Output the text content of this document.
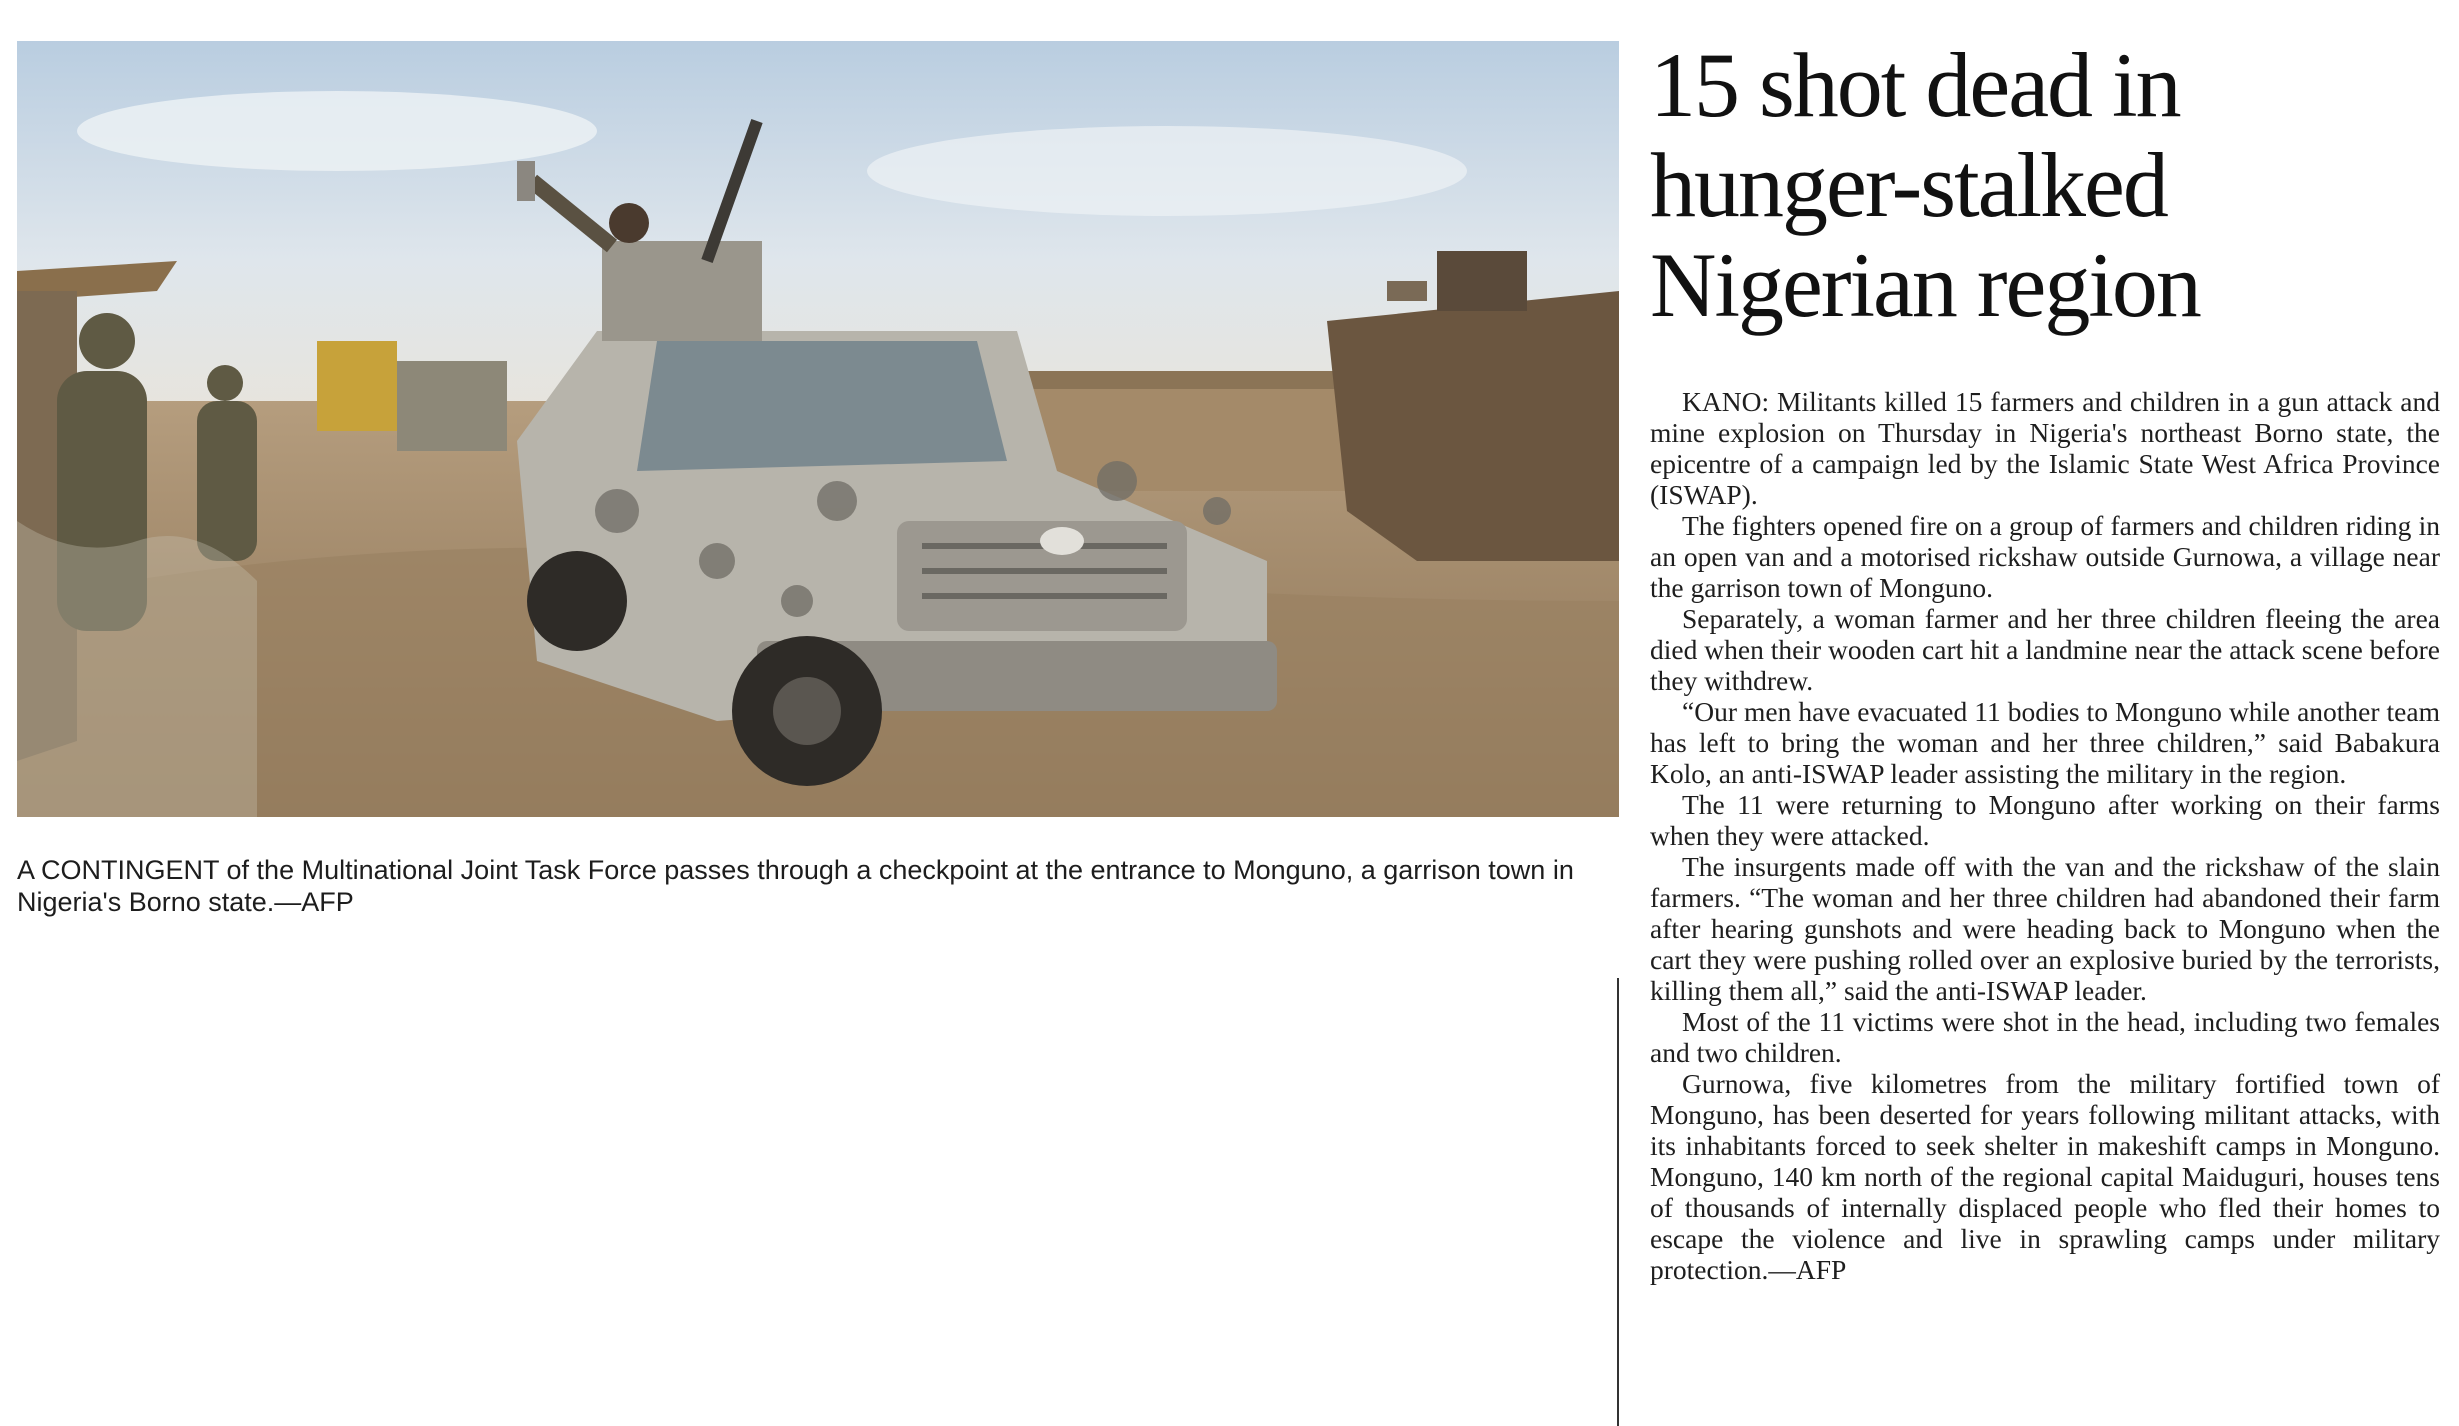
A CONTINGENT of the Multinational Joint Task Force passes through a checkpoint at the entrance to Monguno, a garrison town in Nigeria's Borno state.—AFP

15 shot dead in hunger-stalked Nigerian region

KANO: Militants killed 15 farmers and children in a gun attack and mine explosion on Thursday in Nigeria's northeast Borno state, the epicentre of a campaign led by the Islamic State West Africa Province (ISWAP).

The fighters opened fire on a group of farmers and children riding in an open van and a motorised rickshaw outside Gurnowa, a village near the garrison town of Monguno.

Separately, a woman farmer and her three children fleeing the area died when their wooden cart hit a landmine near the attack scene before they withdrew.

“Our men have evacuated 11 bodies to Monguno while another team has left to bring the woman and her three children,” said Babakura Kolo, an anti-ISWAP leader assisting the military in the region.

The 11 were returning to Monguno after working on their farms when they were attacked.

The insurgents made off with the van and the rickshaw of the slain farmers. “The woman and her three children had abandoned their farm after hearing gunshots and were heading back to Monguno when the cart they were pushing rolled over an explosive buried by the terrorists, killing them all,” said the anti-ISWAP leader.

Most of the 11 victims were shot in the head, including two females and two children.

Gurnowa, five kilometres from the military fortified town of Monguno, has been deserted for years following militant attacks, with its inhabitants forced to seek shelter in makeshift camps in Monguno. Monguno, 140 km north of the regional capital Maiduguri, houses tens of thousands of internally displaced people who fled their homes to escape the violence and live in sprawling camps under military protection.—AFP
